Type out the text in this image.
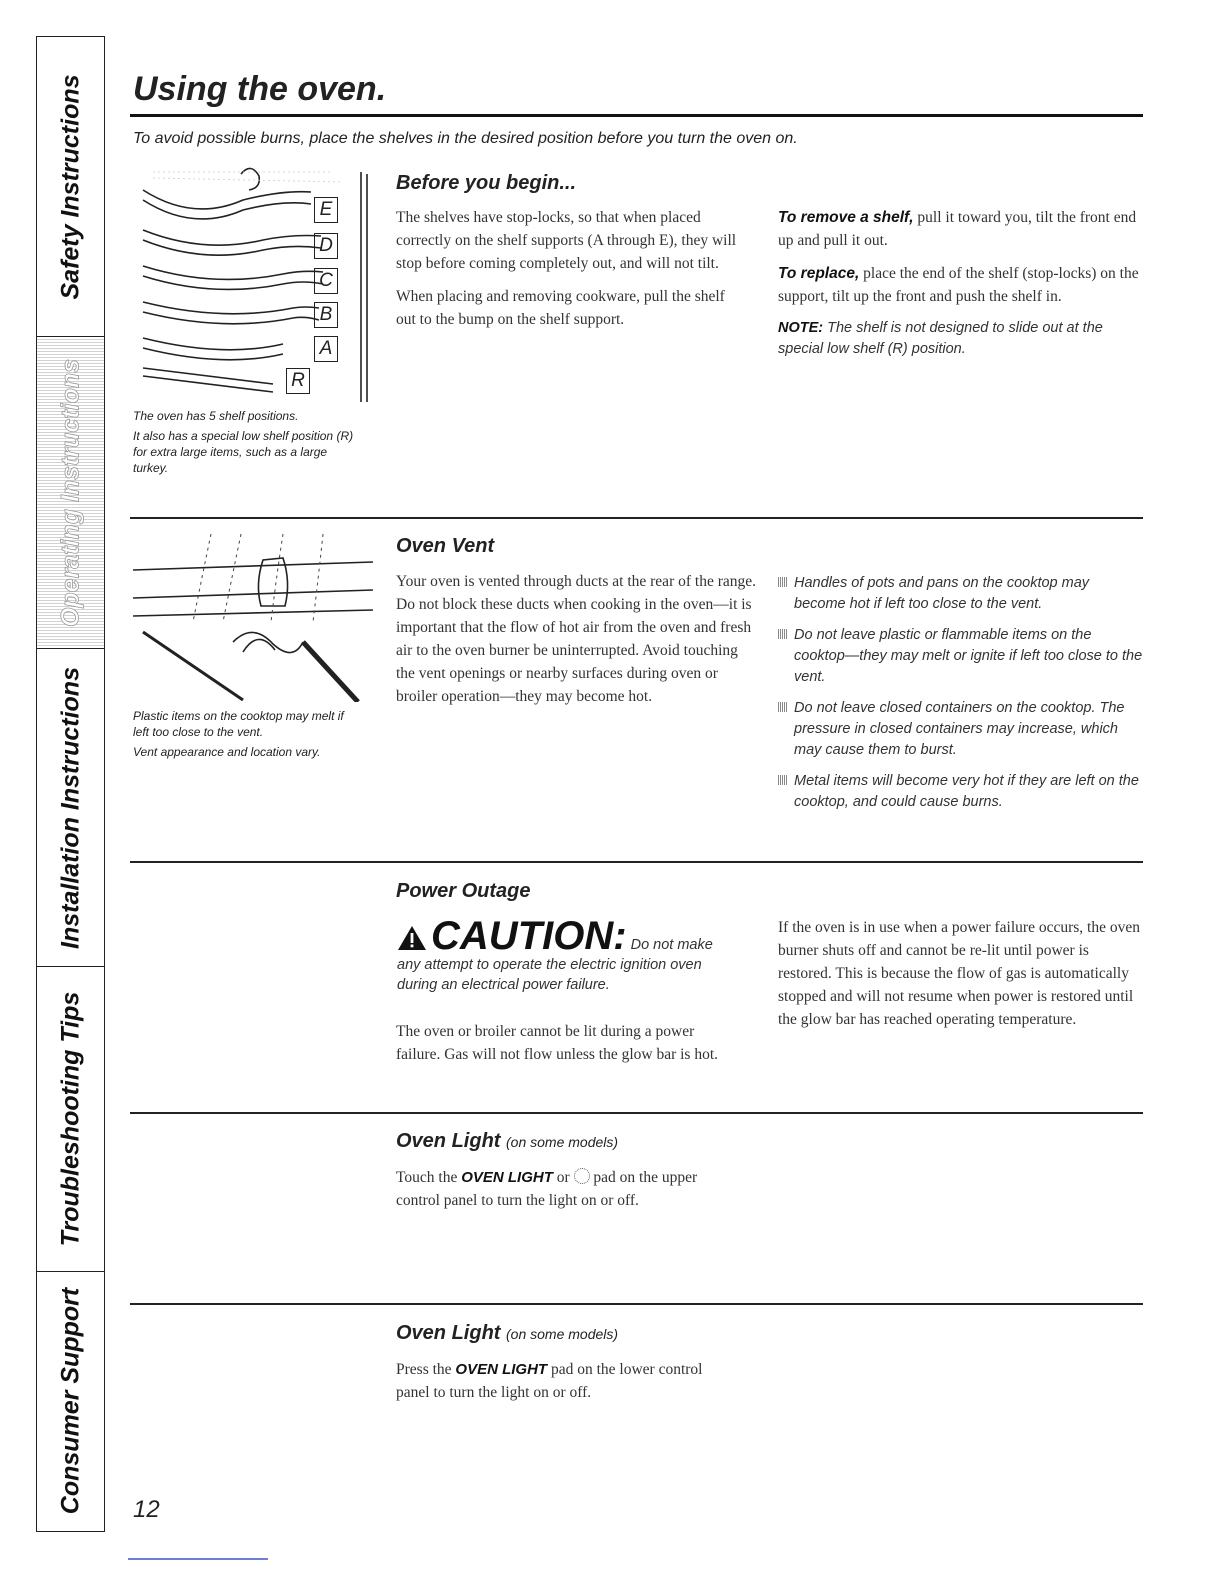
Safety Instructions
Operating Instructions
Installation Instructions
Troubleshooting Tips
Consumer Support
Using the oven.
To avoid possible burns, place the shelves in the desired position before you turn the oven on.
E
D
C
B
A
R

The oven has 5 shelf positions.

It also has a special low shelf position (R) for extra large items, such as a large turkey.

Before you begin...

The shelves have stop-locks, so that when placed correctly on the shelf supports (A through E), they will stop before coming completely out, and will not tilt.

When placing and removing cookware, pull the shelf out to the bump on the shelf support.

To remove a shelf, pull it toward you, tilt the front end up and pull it out.

To replace, place the end of the shelf (stop-locks) on the support, tilt up the front and push the shelf in.

NOTE: The shelf is not designed to slide out at the special low shelf (R) position.

Plastic items on the cooktop may melt if left too close to the vent.

Vent appearance and location vary.

Oven Vent

Your oven is vented through ducts at the rear of the range. Do not block these ducts when cooking in the oven—it is important that the flow of hot air from the oven and fresh air to the oven burner be uninterrupted. Avoid touching the vent openings or nearby surfaces during oven or broiler operation—they may become hot.

Handles of pots and pans on the cooktop may become hot if left too close to the vent.
Do not leave plastic or flammable items on the cooktop—they may melt or ignite if left too close to the vent.
Do not leave closed containers on the cooktop. The pressure in closed containers may increase, which may cause them to burst.
Metal items will become very hot if they are left on the cooktop, and could cause burns.
Power Outage
CAUTION: Do not make any attempt to operate the electric ignition oven during an electrical power failure.

The oven or broiler cannot be lit during a power failure. Gas will not flow unless the glow bar is hot.

If the oven is in use when a power failure occurs, the oven burner shuts off and cannot be re-lit until power is restored. This is because the flow of gas is automatically stopped and will not resume when power is restored until the glow bar has reached operating temperature.

Oven Light (on some models)

Touch the OVEN LIGHT or pad on the upper control panel to turn the light on or off.

Oven Light (on some models)

Press the OVEN LIGHT pad on the lower control panel to turn the light on or off.

12
